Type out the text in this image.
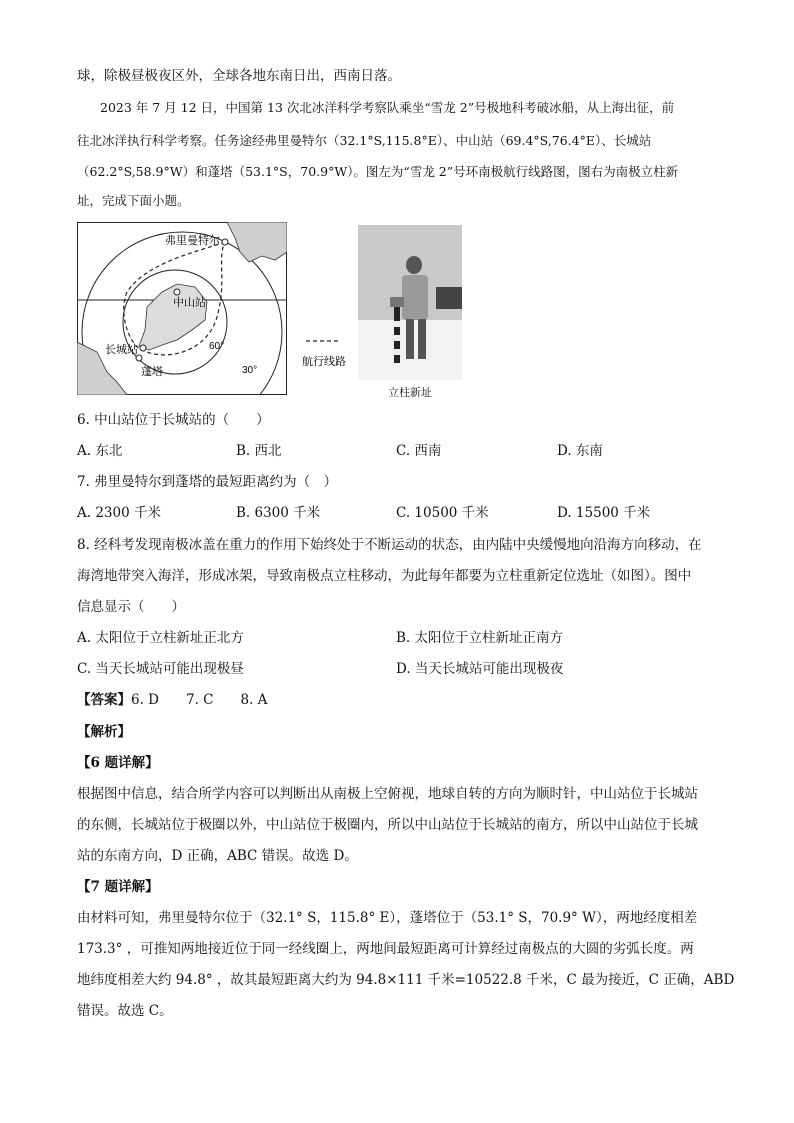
球，除极昼极夜区外，全球各地东南日出，西南日落。
2023 年 7 月 12 日，中国第 13 次北冰洋科学考察队乘坐“雪龙 2”号极地科考破冰船，从上海出征，前
往北冰洋执行科学考察。任务途经弗里曼特尔（32.1°S,115.8°E）、中山站（69.4°S,76.4°E）、长城站
（62.2°S,58.9°W）和蓬塔（53.1°S，70.9°W）。图左为“雪龙 2”号环南极航行线路图，图右为南极立柱新
址，完成下面小题。
弗里曼特尔
中山站
长城站
蓬塔
60°
30°
航行线路
立柱新址
6. 中山站位于长城站的（　　）
A. 东北	B. 西北	C. 西南	D. 东南
7. 弗里曼特尔到蓬塔的最短距离约为（　）
A. 2300 千米	B. 6300 千米	C. 10500 千米	D. 15500 千米
8. 经科考发现南极冰盖在重力的作用下始终处于不断运动的状态，由内陆中央缓慢地向沿海方向移动，在
海湾地带突入海洋，形成冰架，导致南极点立柱移动，为此每年都要为立柱重新定位选址（如图）。图中
信息显示（　　）
A. 太阳位于立柱新址正北方	B. 太阳位于立柱新址正南方
C. 当天长城站可能出现极昼	D. 当天长城站可能出现极夜
【答案】6. D　　7. C　　8. A
【解析】
【6 题详解】
根据图中信息，结合所学内容可以判断出从南极上空俯视，地球自转的方向为顺时针，中山站位于长城站
的东侧，长城站位于极圈以外，中山站位于极圈内，所以中山站位于长城站的南方，所以中山站位于长城
站的东南方向，D 正确，ABC 错误。故选 D。
【7 题详解】
由材料可知，弗里曼特尔位于（32.1° S，115.8° E），蓬塔位于（53.1° S，70.9° W），两地经度相差
173.3° ，可推知两地接近位于同一经线圈上，两地间最短距离可计算经过南极点的大圆的劣弧长度。两
地纬度相差大约 94.8° ，故其最短距离大约为 94.8×111 千米=10522.8 千米，C 最为接近，C 正确，ABD
错误。故选 C。
